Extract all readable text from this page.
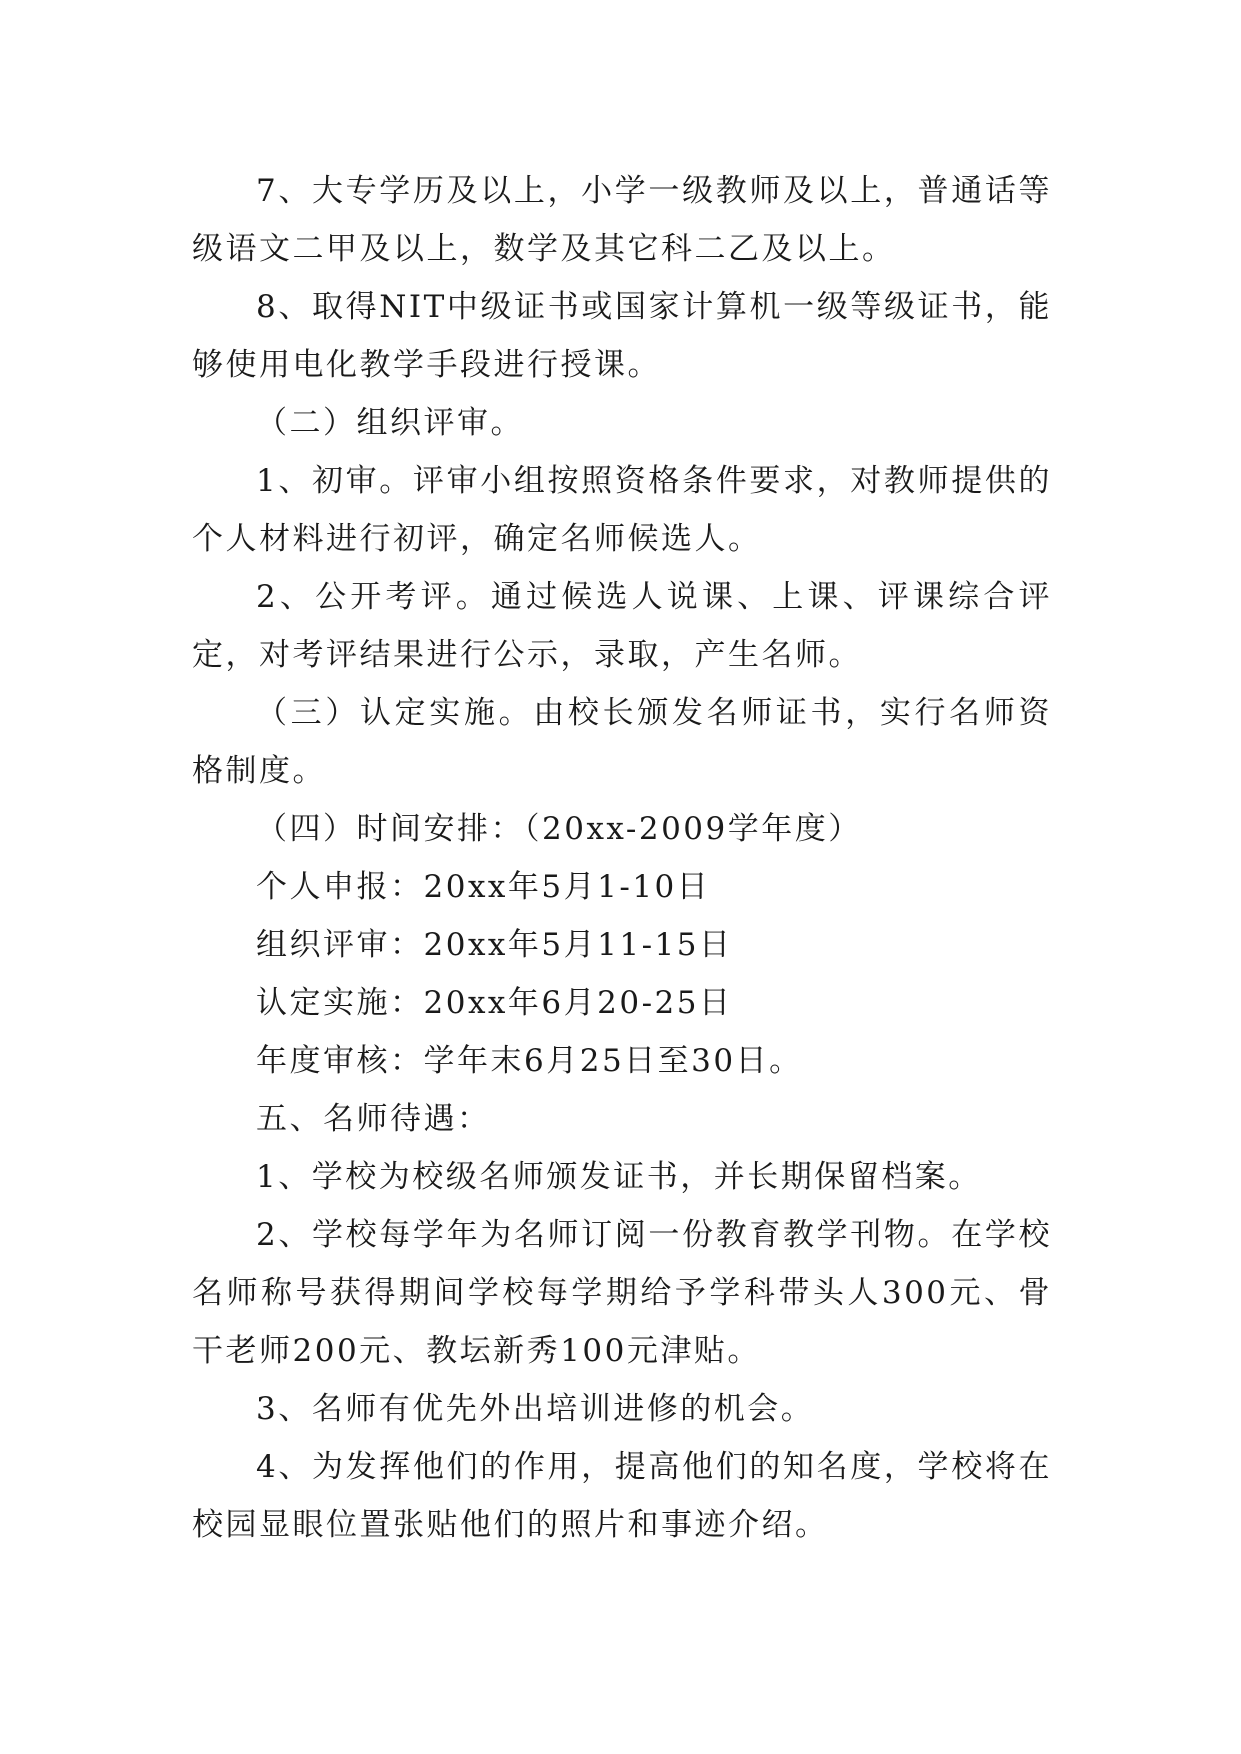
7、大专学历及以上，小学一级教师及以上，普通话等级语文二甲及以上，数学及其它科二乙及以上。

8、取得NIT中级证书或国家计算机一级等级证书，能够使用电化教学手段进行授课。

（二）组织评审。

1、初审。评审小组按照资格条件要求，对教师提供的个人材料进行初评，确定名师候选人。

2、公开考评。通过候选人说课、上课、评课综合评定，对考评结果进行公示，录取，产生名师。

（三）认定实施。由校长颁发名师证书，实行名师资格制度。

（四）时间安排：（20xx-2009学年度）

个人申报：20xx年5月1-10日

组织评审：20xx年5月11-15日

认定实施：20xx年6月20-25日

年度审核：学年末6月25日至30日。

五、名师待遇：

1、学校为校级名师颁发证书，并长期保留档案。

2、学校每学年为名师订阅一份教育教学刊物。在学校名师称号获得期间学校每学期给予学科带头人300元、骨干老师200元、教坛新秀100元津贴。

3、名师有优先外出培训进修的机会。

4、为发挥他们的作用，提高他们的知名度，学校将在校园显眼位置张贴他们的照片和事迹介绍。
